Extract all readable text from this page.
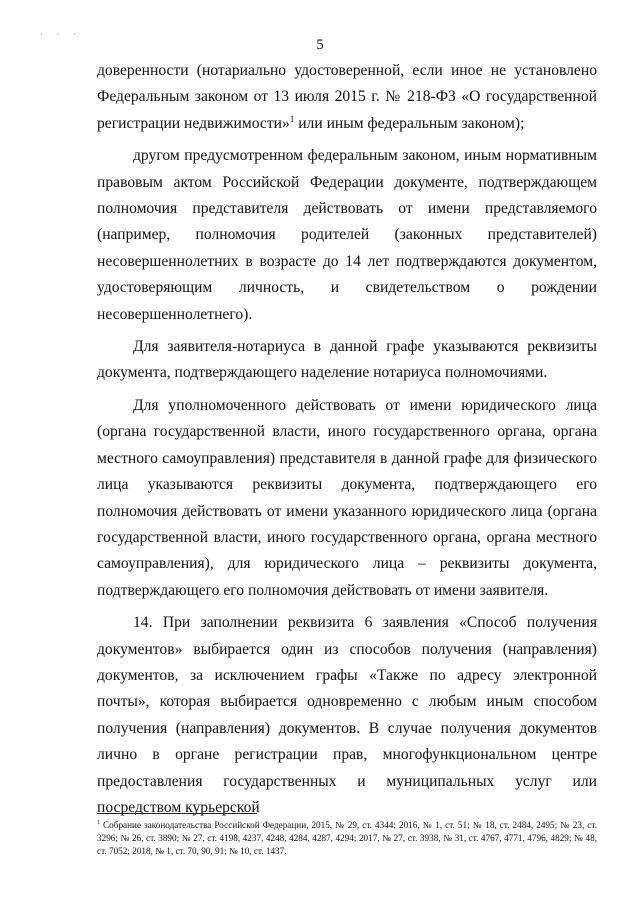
· · ·
5

доверенности (нотариально удостоверенной, если иное не установлено Федеральным законом от 13 июля 2015 г. № 218-ФЗ «О государственной регистрации недвижимости»$^1$ или иным федеральным законом);

другом предусмотренном федеральным законом, иным нормативным правовым актом Российской Федерации документе, подтверждающем полномочия представителя действовать от имени представляемого (например, полномочия родителей (законных представителей) несовершеннолетних в возрасте до 14 лет подтверждаются документом, удостоверяющим личность, и свидетельством о рождении несовершеннолетнего).

Для заявителя-нотариуса в данной графе указываются реквизиты документа, подтверждающего наделение нотариуса полномочиями.

Для уполномоченного действовать от имени юридического лица (органа государственной власти, иного государственного органа, органа местного самоуправления) представителя в данной графе для физического лица указываются реквизиты документа, подтверждающего его полномочия действовать от имени указанного юридического лица (органа государственной власти, иного государственного органа, органа местного самоуправления), для юридического лица – реквизиты документа, подтверждающего его полномочия действовать от имени заявителя.

14. При заполнении реквизита 6 заявления «Способ получения документов» выбирается один из способов получения (направления) документов, за исключением графы «Также по адресу электронной почты», которая выбирается одновременно с любым иным способом получения (направления) документов. В случае получения документов лично в органе регистрации прав, многофункциональном центре предоставления государственных и муниципальных услуг или посредством курьерской

$^1$ Собрание законодательства Российской Федерации, 2015, № 29, ст. 4344; 2016, № 1, ст. 51; № 18, ст. 2484, 2495; № 23, ст. 3296; № 26, ст. 3890; № 27, ст. 4198, 4237, 4248, 4284, 4287, 4294; 2017, № 27, ст. 3938, № 31, ст. 4767, 4771, 4796, 4829; № 48, ст. 7052; 2018, № 1, ст. 70, 90, 91; № 10, ст. 1437.
